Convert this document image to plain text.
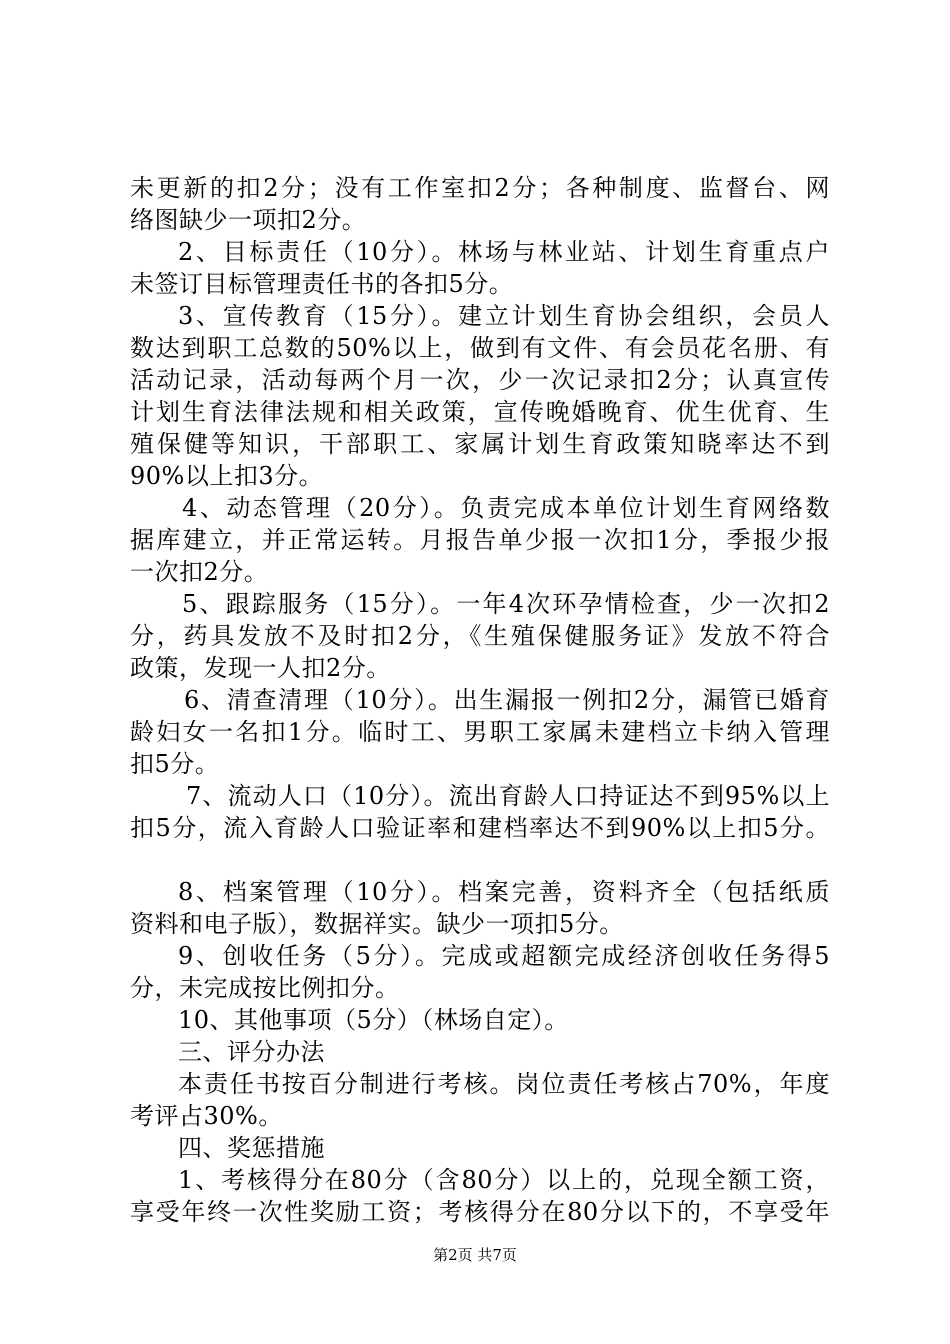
未更新的扣2分；没有工作室扣2分；各种制度、监督台、网
络图缺少一项扣2分。
2、目标责任（10分）。林场与林业站、计划生育重点户
未签订目标管理责任书的各扣5分。
3、宣传教育（15分）。建立计划生育协会组织，会员人
数达到职工总数的50%以上，做到有文件、有会员花名册、有
活动记录，活动每两个月一次，少一次记录扣2分；认真宣传
计划生育法律法规和相关政策，宣传晚婚晚育、优生优育、生
殖保健等知识，干部职工、家属计划生育政策知晓率达不到
90%以上扣3分。
4、动态管理（20分）。负责完成本单位计划生育网络数
据库建立，并正常运转。月报告单少报一次扣1分，季报少报
一次扣2分。
5、跟踪服务（15分）。一年4次环孕情检查，少一次扣2
分，药具发放不及时扣2分，《生殖保健服务证》发放不符合
政策，发现一人扣2分。
6、清查清理（10分）。出生漏报一例扣2分，漏管已婚育
龄妇女一名扣1分。临时工、男职工家属未建档立卡纳入管理
扣5分。
7、流动人口（10分）。流出育龄人口持证达不到95%以上
扣5分，流入育龄人口验证率和建档率达不到90%以上扣5分。
8、档案管理（10分）。档案完善，资料齐全（包括纸质
资料和电子版），数据祥实。缺少一项扣5分。
9、创收任务（5分）。完成或超额完成经济创收任务得5
分，未完成按比例扣分。
10、其他事项（5分）（林场自定）。
三、评分办法
本责任书按百分制进行考核。岗位责任考核占70%，年度
考评占30%。
四、奖惩措施
1、考核得分在80分（含80分）以上的，兑现全额工资，
享受年终一次性奖励工资；考核得分在80分以下的，不享受年
第2页 共7页
